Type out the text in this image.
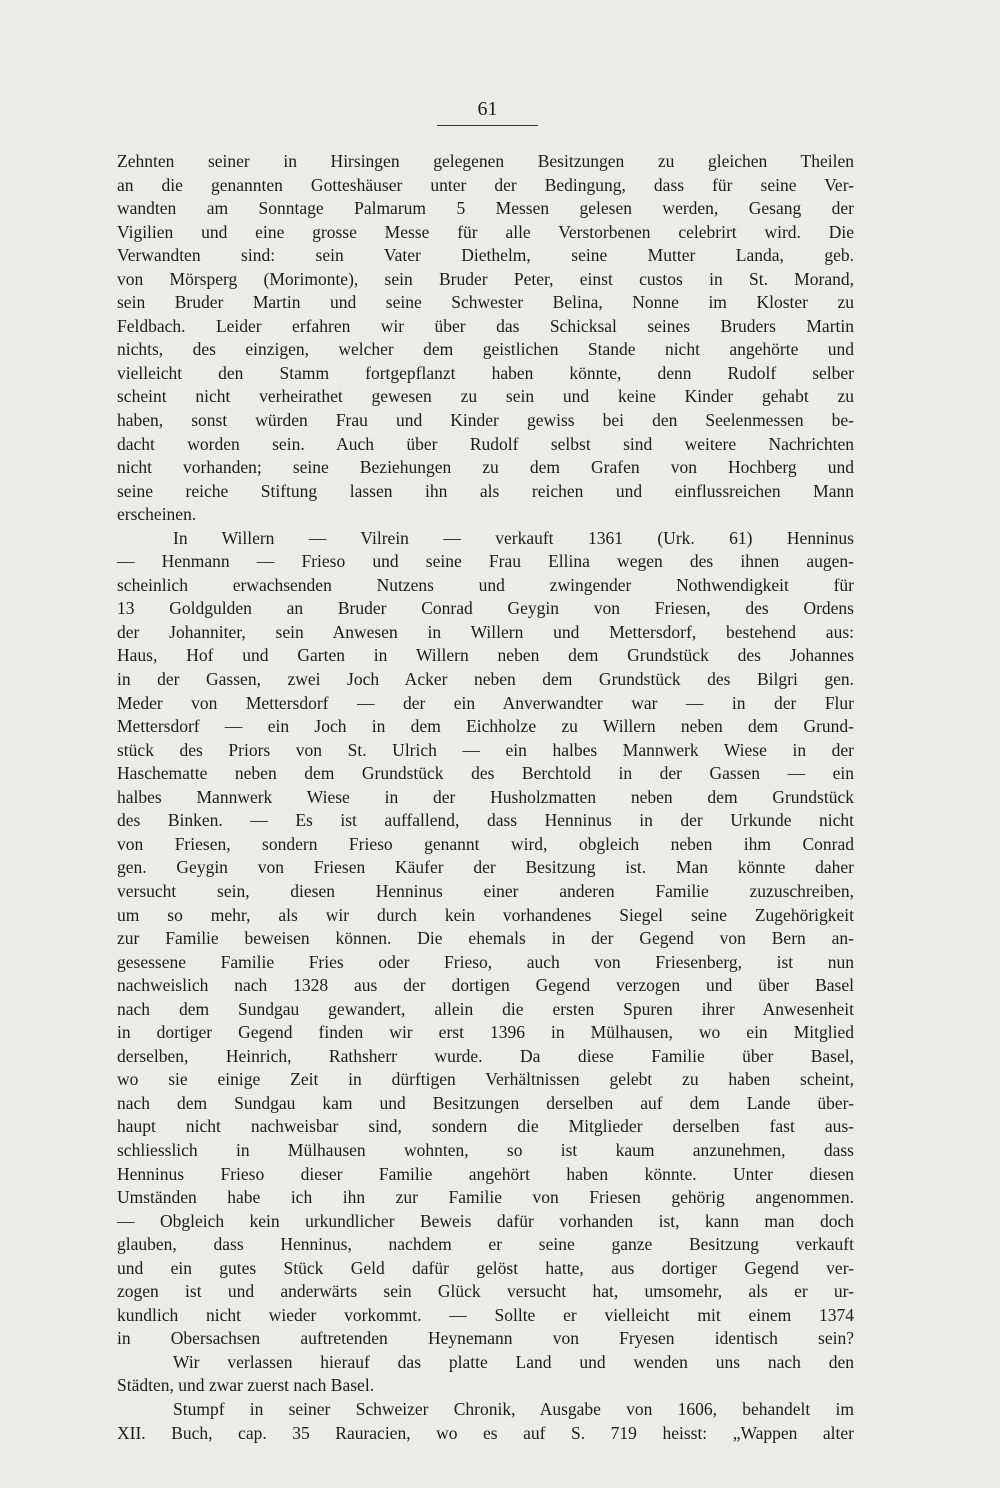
61
Zehnten seiner in Hirsingen gelegenen Besitzungen zu gleichen Theilen
an die genannten Gotteshäuser unter der Bedingung, dass für seine Ver-
wandten am Sonntage Palmarum 5 Messen gelesen werden, Gesang der
Vigilien und eine grosse Messe für alle Verstorbenen celebrirt wird. Die
Verwandten sind: sein Vater Diethelm, seine Mutter Landa, geb.
von Mörsperg (Morimonte), sein Bruder Peter, einst custos in St. Morand,
sein Bruder Martin und seine Schwester Belina, Nonne im Kloster zu
Feldbach. Leider erfahren wir über das Schicksal seines Bruders Martin
nichts, des einzigen, welcher dem geistlichen Stande nicht angehörte und
vielleicht den Stamm fortgepflanzt haben könnte, denn Rudolf selber
scheint nicht verheirathet gewesen zu sein und keine Kinder gehabt zu
haben, sonst würden Frau und Kinder gewiss bei den Seelenmessen be-
dacht worden sein. Auch über Rudolf selbst sind weitere Nachrichten
nicht vorhanden; seine Beziehungen zu dem Grafen von Hochberg und
seine reiche Stiftung lassen ihn als reichen und einflussreichen Mann
erscheinen.
In Willern — Vilrein — verkauft 1361 (Urk. 61) Henninus
— Henmann — Frieso und seine Frau Ellina wegen des ihnen augen-
scheinlich erwachsenden Nutzens und zwingender Nothwendigkeit für
13 Goldgulden an Bruder Conrad Geygin von Friesen, des Ordens
der Johanniter, sein Anwesen in Willern und Mettersdorf, bestehend aus:
Haus, Hof und Garten in Willern neben dem Grundstück des Johannes
in der Gassen, zwei Joch Acker neben dem Grundstück des Bilgri gen.
Meder von Mettersdorf — der ein Anverwandter war — in der Flur
Mettersdorf — ein Joch in dem Eichholze zu Willern neben dem Grund-
stück des Priors von St. Ulrich — ein halbes Mannwerk Wiese in der
Haschematte neben dem Grundstück des Berchtold in der Gassen — ein
halbes Mannwerk Wiese in der Husholzmatten neben dem Grundstück
des Binken. — Es ist auffallend, dass Henninus in der Urkunde nicht
von Friesen, sondern Frieso genannt wird, obgleich neben ihm Conrad
gen. Geygin von Friesen Käufer der Besitzung ist. Man könnte daher
versucht sein, diesen Henninus einer anderen Familie zuzuschreiben,
um so mehr, als wir durch kein vorhandenes Siegel seine Zugehörigkeit
zur Familie beweisen können. Die ehemals in der Gegend von Bern an-
gesessene Familie Fries oder Frieso, auch von Friesenberg, ist nun
nachweislich nach 1328 aus der dortigen Gegend verzogen und über Basel
nach dem Sundgau gewandert, allein die ersten Spuren ihrer Anwesenheit
in dortiger Gegend finden wir erst 1396 in Mülhausen, wo ein Mitglied
derselben, Heinrich, Rathsherr wurde. Da diese Familie über Basel,
wo sie einige Zeit in dürftigen Verhältnissen gelebt zu haben scheint,
nach dem Sundgau kam und Besitzungen derselben auf dem Lande über-
haupt nicht nachweisbar sind, sondern die Mitglieder derselben fast aus-
schliesslich in Mülhausen wohnten, so ist kaum anzunehmen, dass
Henninus Frieso dieser Familie angehört haben könnte. Unter diesen
Umständen habe ich ihn zur Familie von Friesen gehörig angenommen.
— Obgleich kein urkundlicher Beweis dafür vorhanden ist, kann man doch
glauben, dass Henninus, nachdem er seine ganze Besitzung verkauft
und ein gutes Stück Geld dafür gelöst hatte, aus dortiger Gegend ver-
zogen ist und anderwärts sein Glück versucht hat, umsomehr, als er ur-
kundlich nicht wieder vorkommt. — Sollte er vielleicht mit einem 1374
in Obersachsen auftretenden Heynemann von Fryesen identisch sein?
Wir verlassen hierauf das platte Land und wenden uns nach den
Städten, und zwar zuerst nach Basel.
Stumpf in seiner Schweizer Chronik, Ausgabe von 1606, behandelt im
XII. Buch, cap. 35 Rauracien, wo es auf S. 719 heisst: „Wappen alter
